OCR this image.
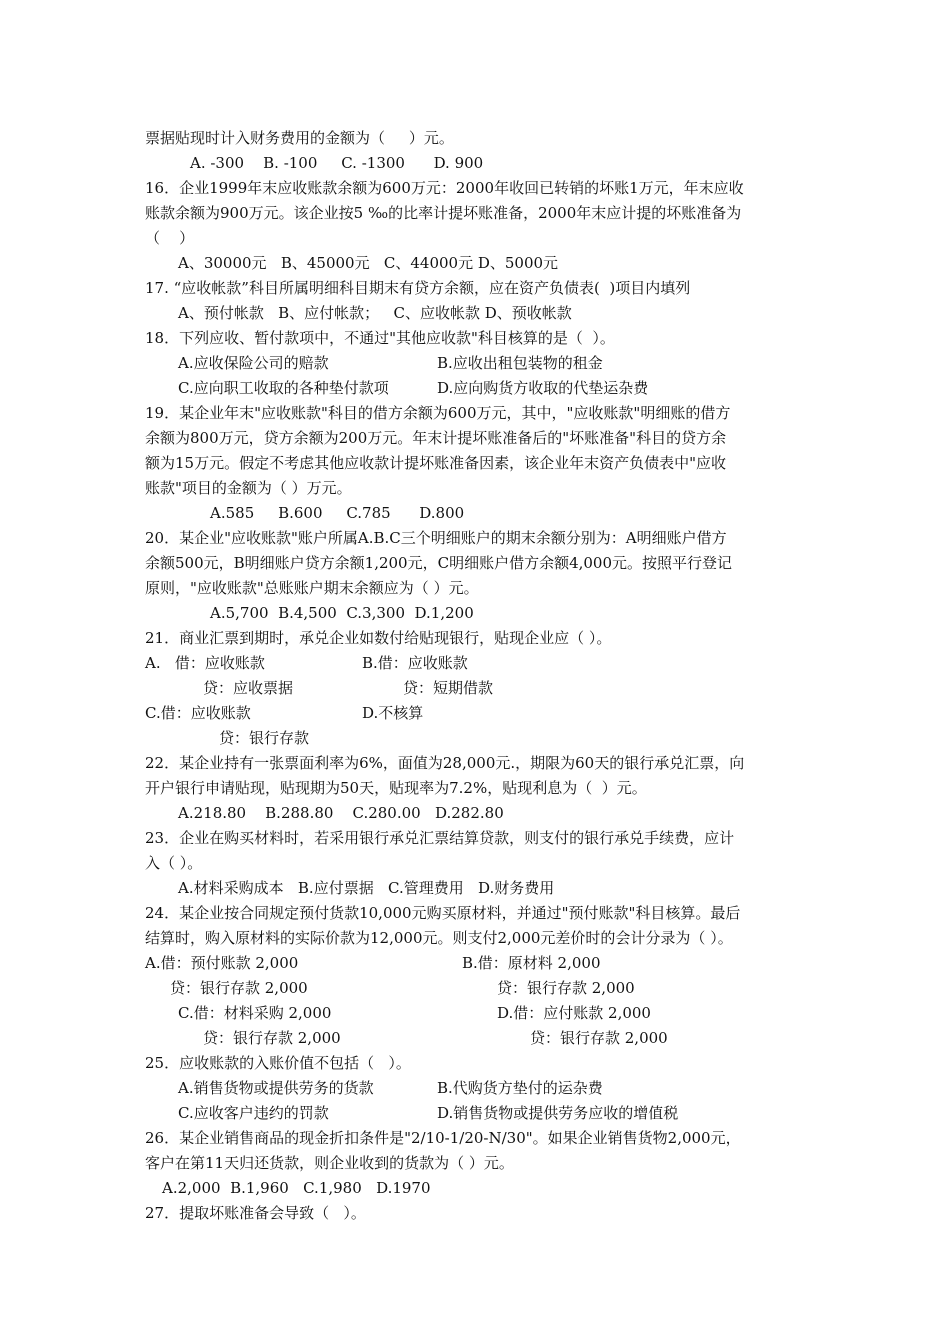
票据贴现时计入财务费用的金额为（     ）元。
A. -300    B. -100     C. -1300      D. 900
16．企业1999年末应收账款余额为600万元：2000年收回已转销的坏账1万元，年末应收
账款余额为900万元。该企业按5 ‰的比率计提坏账准备，2000年末应计提的坏账准备为
（    ）
A、30000元   B、45000元   C、44000元 D、5000元
17. “应收帐款”科目所属明细科目期末有贷方余额，应在资产负债表(  )项目内填列
A、预付帐款   B、应付帐款；   C、应收帐款 D、预收帐款
18．下列应收、暂付款项中，不通过"其他应收款"科目核算的是（  ）。
A.应收保险公司的赔款	B.应收出租包装物的租金
C.应向职工收取的各种垫付款项	D.应向购货方收取的代垫运杂费
19．某企业年末"应收账款"科目的借方余额为600万元，其中，"应收账款"明细账的借方
余额为800万元，贷方余额为200万元。年末计提坏账准备后的"坏账准备"科目的贷方余
额为15万元。假定不考虑其他应收款计提坏账准备因素，该企业年末资产负债表中"应收
账款"项目的金额为（ ）万元。
A.585     B.600     C.785      D.800
20．某企业"应收账款"账户所属A.B.C三个明细账户的期末余额分别为：A明细账户借方
余额500元，B明细账户贷方余额1,200元，C明细账户借方余额4,000元。按照平行登记
原则，"应收账款"总账账户期末余额应为（ ）元。
A.5,700  B.4,500  C.3,300  D.1,200
21．商业汇票到期时，承兑企业如数付给贴现银行，贴现企业应（ ）。
A.   借：应收账款	B.借：应收账款
贷：应收票据	贷：短期借款
C.借：应收账款	D.不核算
贷：银行存款
22．某企业持有一张票面利率为6%，面值为28,000元.，期限为60天的银行承兑汇票，向
开户银行申请贴现，贴现期为50天，贴现率为7.2%，贴现利息为（  ）元。
A.218.80    B.288.80    C.280.00   D.282.80
23．企业在购买材料时，若采用银行承兑汇票结算贷款，则支付的银行承兑手续费，应计
入（ ）。
A.材料采购成本   B.应付票据   C.管理费用   D.财务费用
24．某企业按合同规定预付货款10,000元购买原材料，并通过"预付账款"科目核算。最后
结算时，购入原材料的实际价款为12,000元。则支付2,000元差价时的会计分录为（ ）。
A.借：预付账款 2,000	B.借：原材料 2,000
贷：银行存款 2,000	贷：银行存款 2,000
C.借：材料采购 2,000	D.借：应付账款 2,000
贷：银行存款 2,000	贷：银行存款 2,000
25．应收账款的入账价值不包括（   ）。
A.销售货物或提供劳务的货款	B.代购货方垫付的运杂费
C.应收客户违约的罚款	D.销售货物或提供劳务应收的增值税
26．某企业销售商品的现金折扣条件是"2/10-1/20-N/30"。如果企业销售货物2,000元，
客户在第11天归还货款，则企业收到的货款为（ ）元。
A.2,000  B.1,960   C.1,980   D.1970
27．提取坏账准备会导致（   ）。
